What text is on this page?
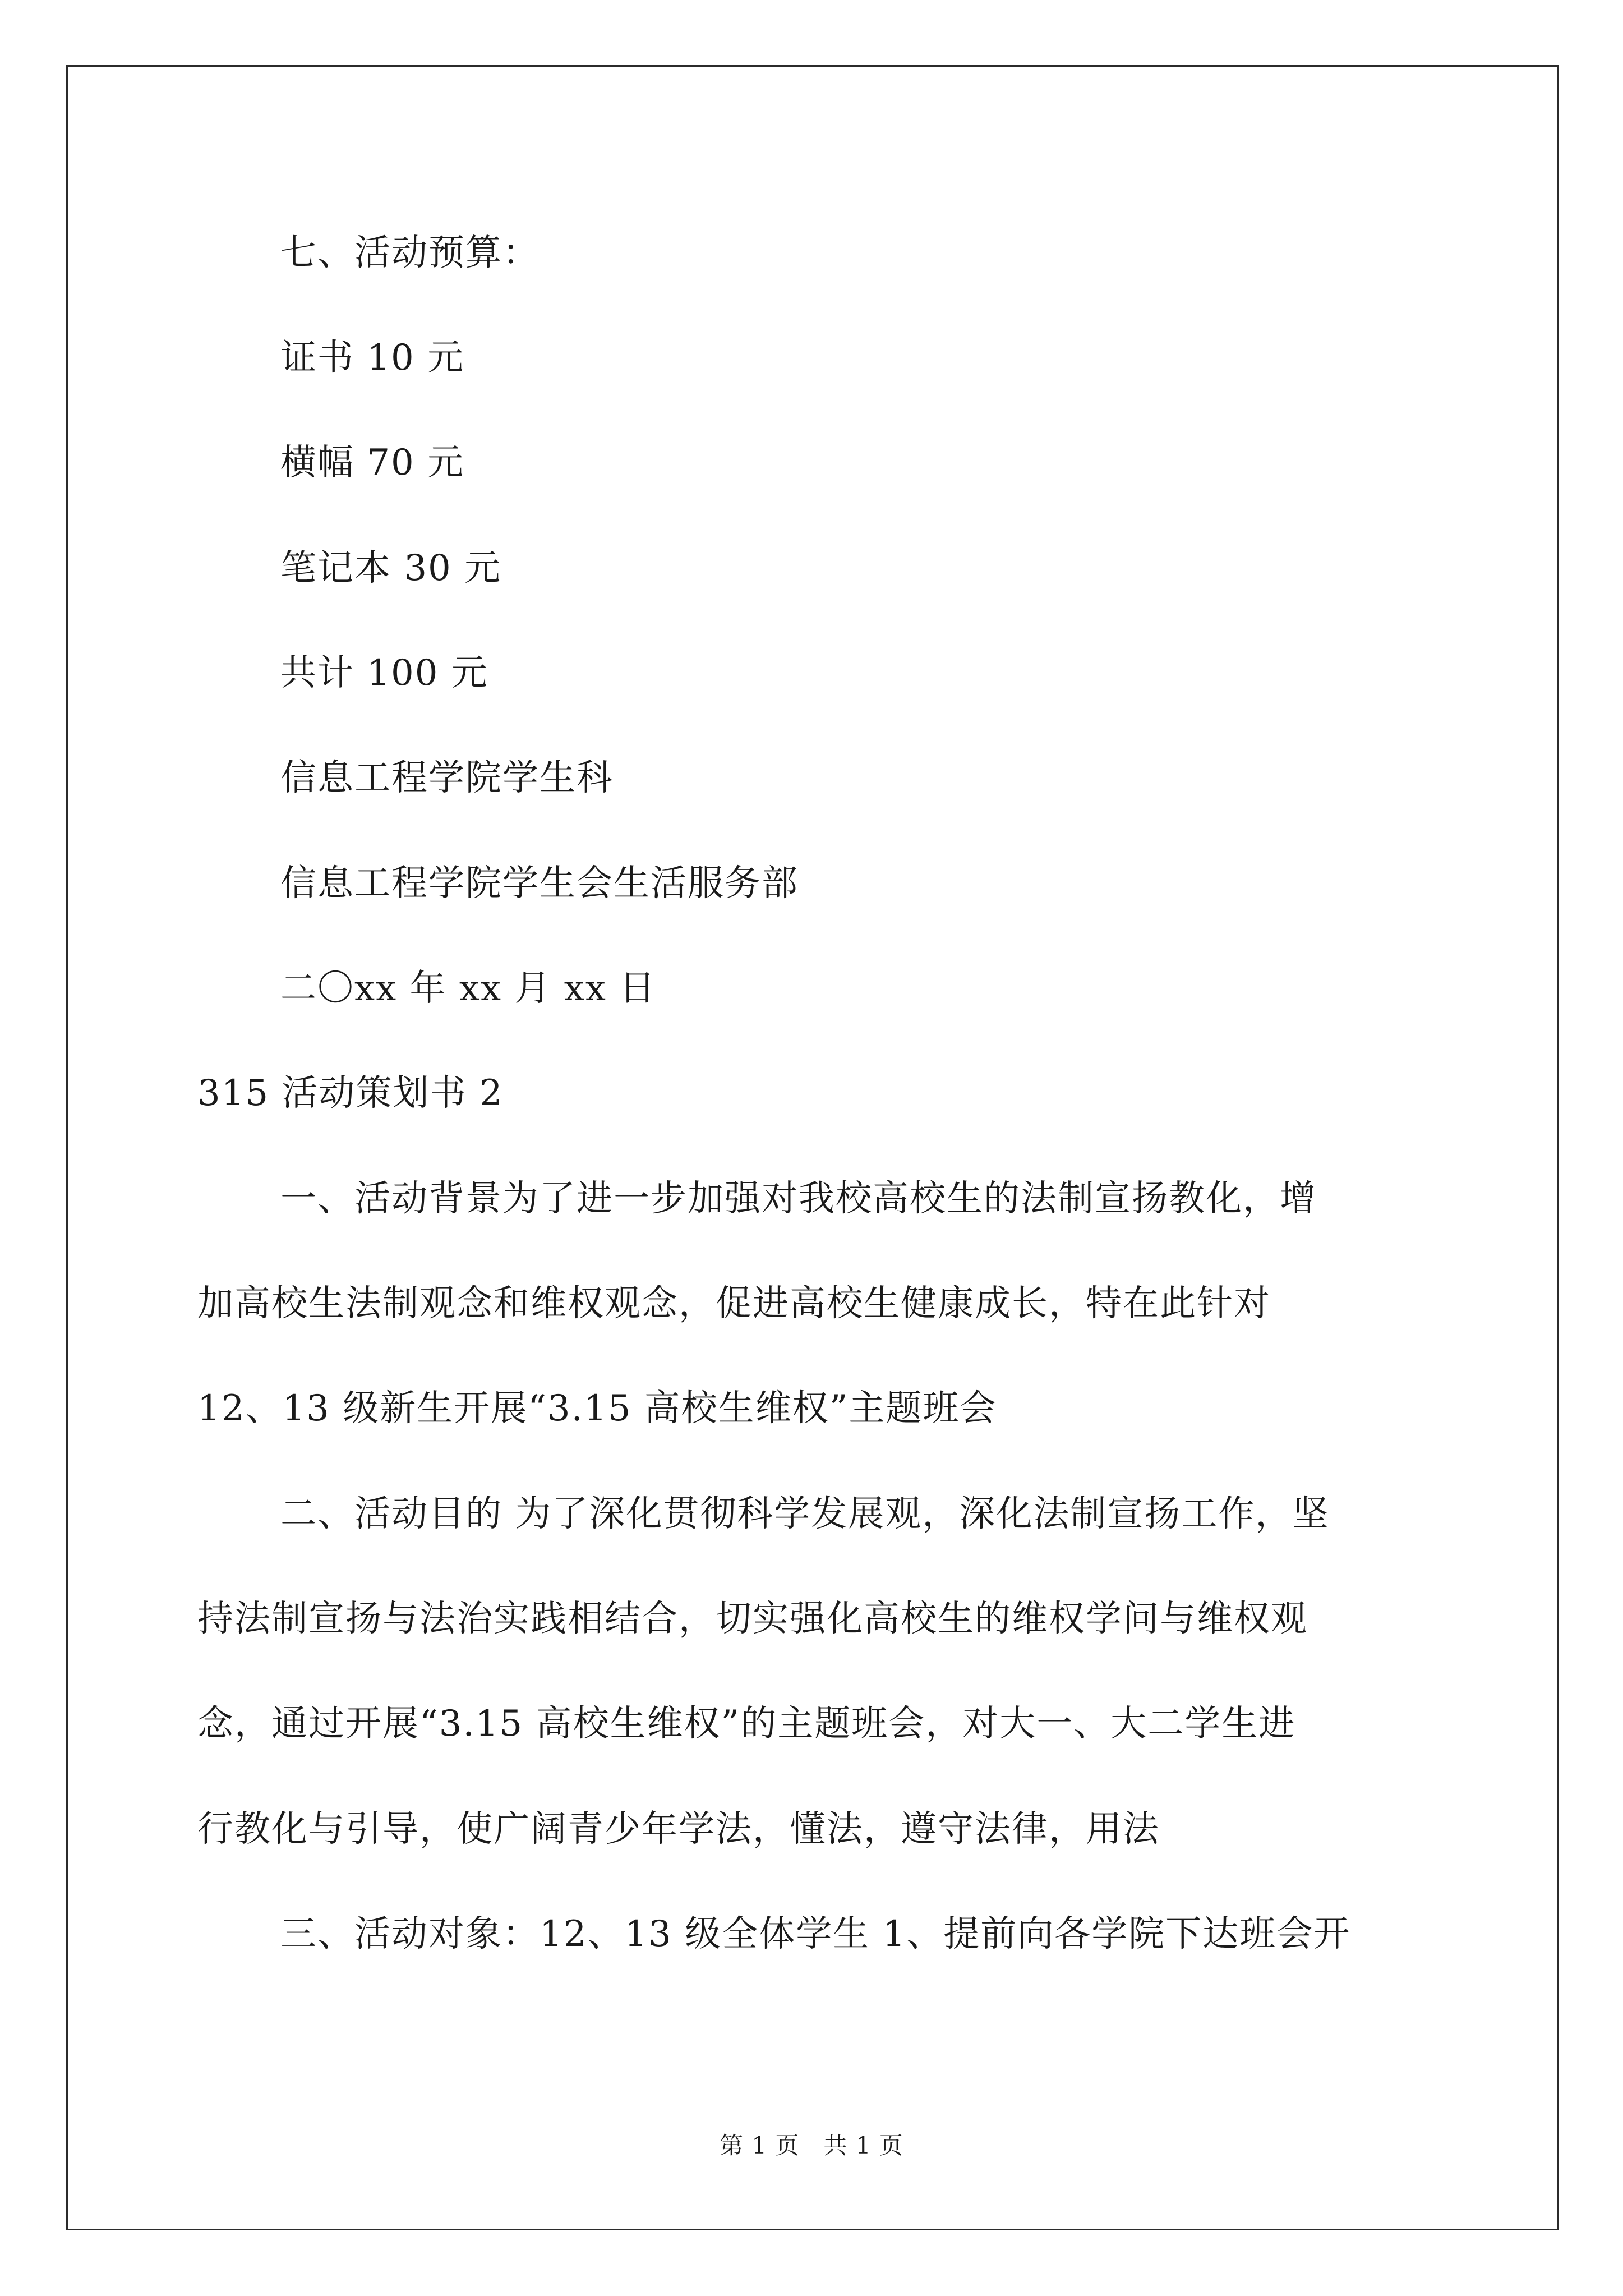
七、活动预算：
证书 10 元
横幅 70 元
笔记本 30 元
共计 100 元
信息工程学院学生科
信息工程学院学生会生活服务部
二〇xx 年 xx 月 xx 日
315 活动策划书 2
一、活动背景为了进一步加强对我校高校生的法制宣扬教化，增
加高校生法制观念和维权观念，促进高校生健康成长，特在此针对
12、13 级新生开展“3.15 高校生维权”主题班会
二、活动目的 为了深化贯彻科学发展观，深化法制宣扬工作，坚
持法制宣扬与法治实践相结合，切实强化高校生的维权学问与维权观
念，通过开展“3.15 高校生维权”的主题班会，对大一、大二学生进
行教化与引导，使广阔青少年学法，懂法，遵守法律，用法
三、活动对象：12、13 级全体学生 1、提前向各学院下达班会开
第 1 页　共 1 页
